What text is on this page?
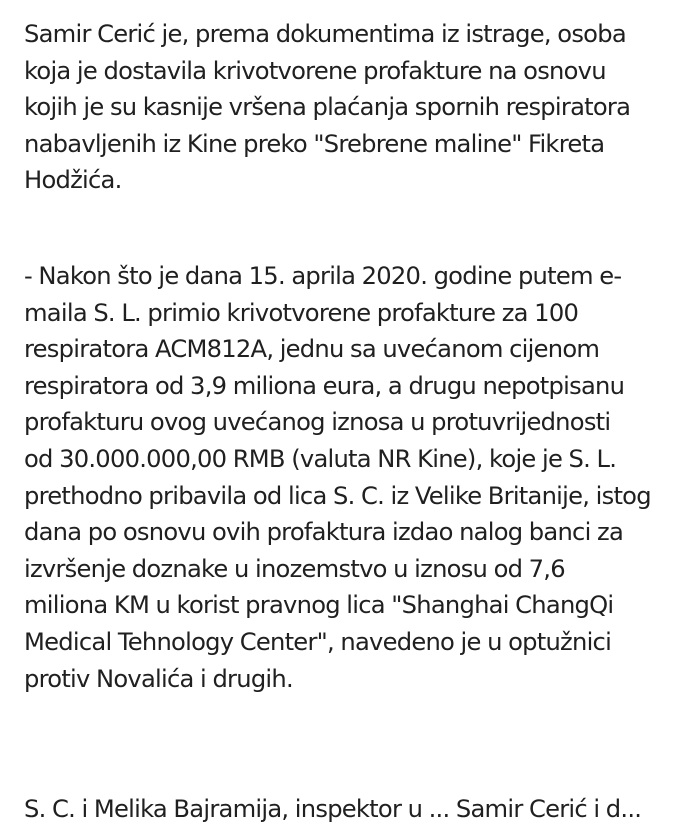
Samir Cerić je, prema dokumentima iz istrage, osoba
koja je dostavila krivotvorene profakture na osnovu
kojih je su kasnije vršena plaćanja spornih respiratora
nabavljenih iz Kine preko "Srebrene maline" Fikreta
Hodžića.

- Nakon što je dana 15. aprila 2020. godine putem e-
maila S. L. primio krivotvorene profakture za 100
respiratora ACM812A, jednu sa uvećanom cijenom
respiratora od 3,9 miliona eura, a drugu nepotpisanu
profakturu ovog uvećanog iznosa u protuvrijednosti
od 30.000.000,00 RMB (valuta NR Kine), koje je S. L.
prethodno pribavila od lica S. C. iz Velike Britanije, istog
dana po osnovu ovih profaktura izdao nalog banci za
izvršenje doznake u inozemstvo u iznosu od 7,6
miliona KM u korist pravnog lica "Shanghai ChangQi
Medical Tehnology Center", navedeno je u optužnici
protiv Novalića i drugih.

S. C. i Melika Bajramija, inspektor u ... Samir Cerić i d...
